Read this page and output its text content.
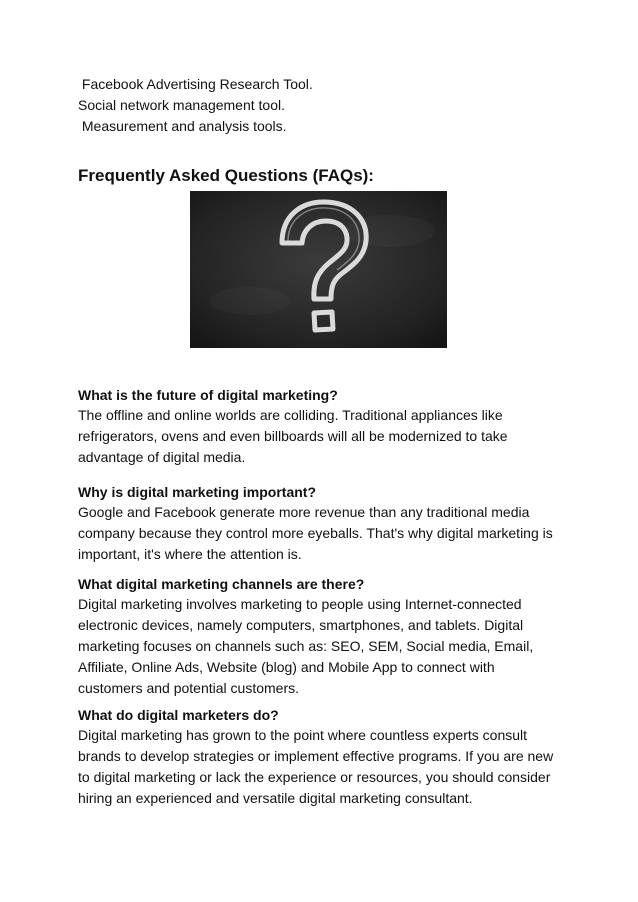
Facebook Advertising Research Tool.

Social network management tool.

Measurement and analysis tools.

Frequently Asked Questions (FAQs):
What is the future of digital marketing?

The offline and online worlds are colliding. Traditional appliances like refrigerators, ovens and even billboards will all be modernized to take advantage of digital media.

Why is digital marketing important?

Google and Facebook generate more revenue than any traditional media company because they control more eyeballs. That's why digital marketing is important, it's where the attention is.

What digital marketing channels are there?

Digital marketing involves marketing to people using Internet-connected electronic devices, namely computers, smartphones, and tablets. Digital marketing focuses on channels such as: SEO, SEM, Social media, Email, Affiliate, Online Ads, Website (blog) and Mobile App to connect with customers and potential customers.

What do digital marketers do?

Digital marketing has grown to the point where countless experts consult brands to develop strategies or implement effective programs. If you are new to digital marketing or lack the experience or resources, you should consider hiring an experienced and versatile digital marketing consultant.
